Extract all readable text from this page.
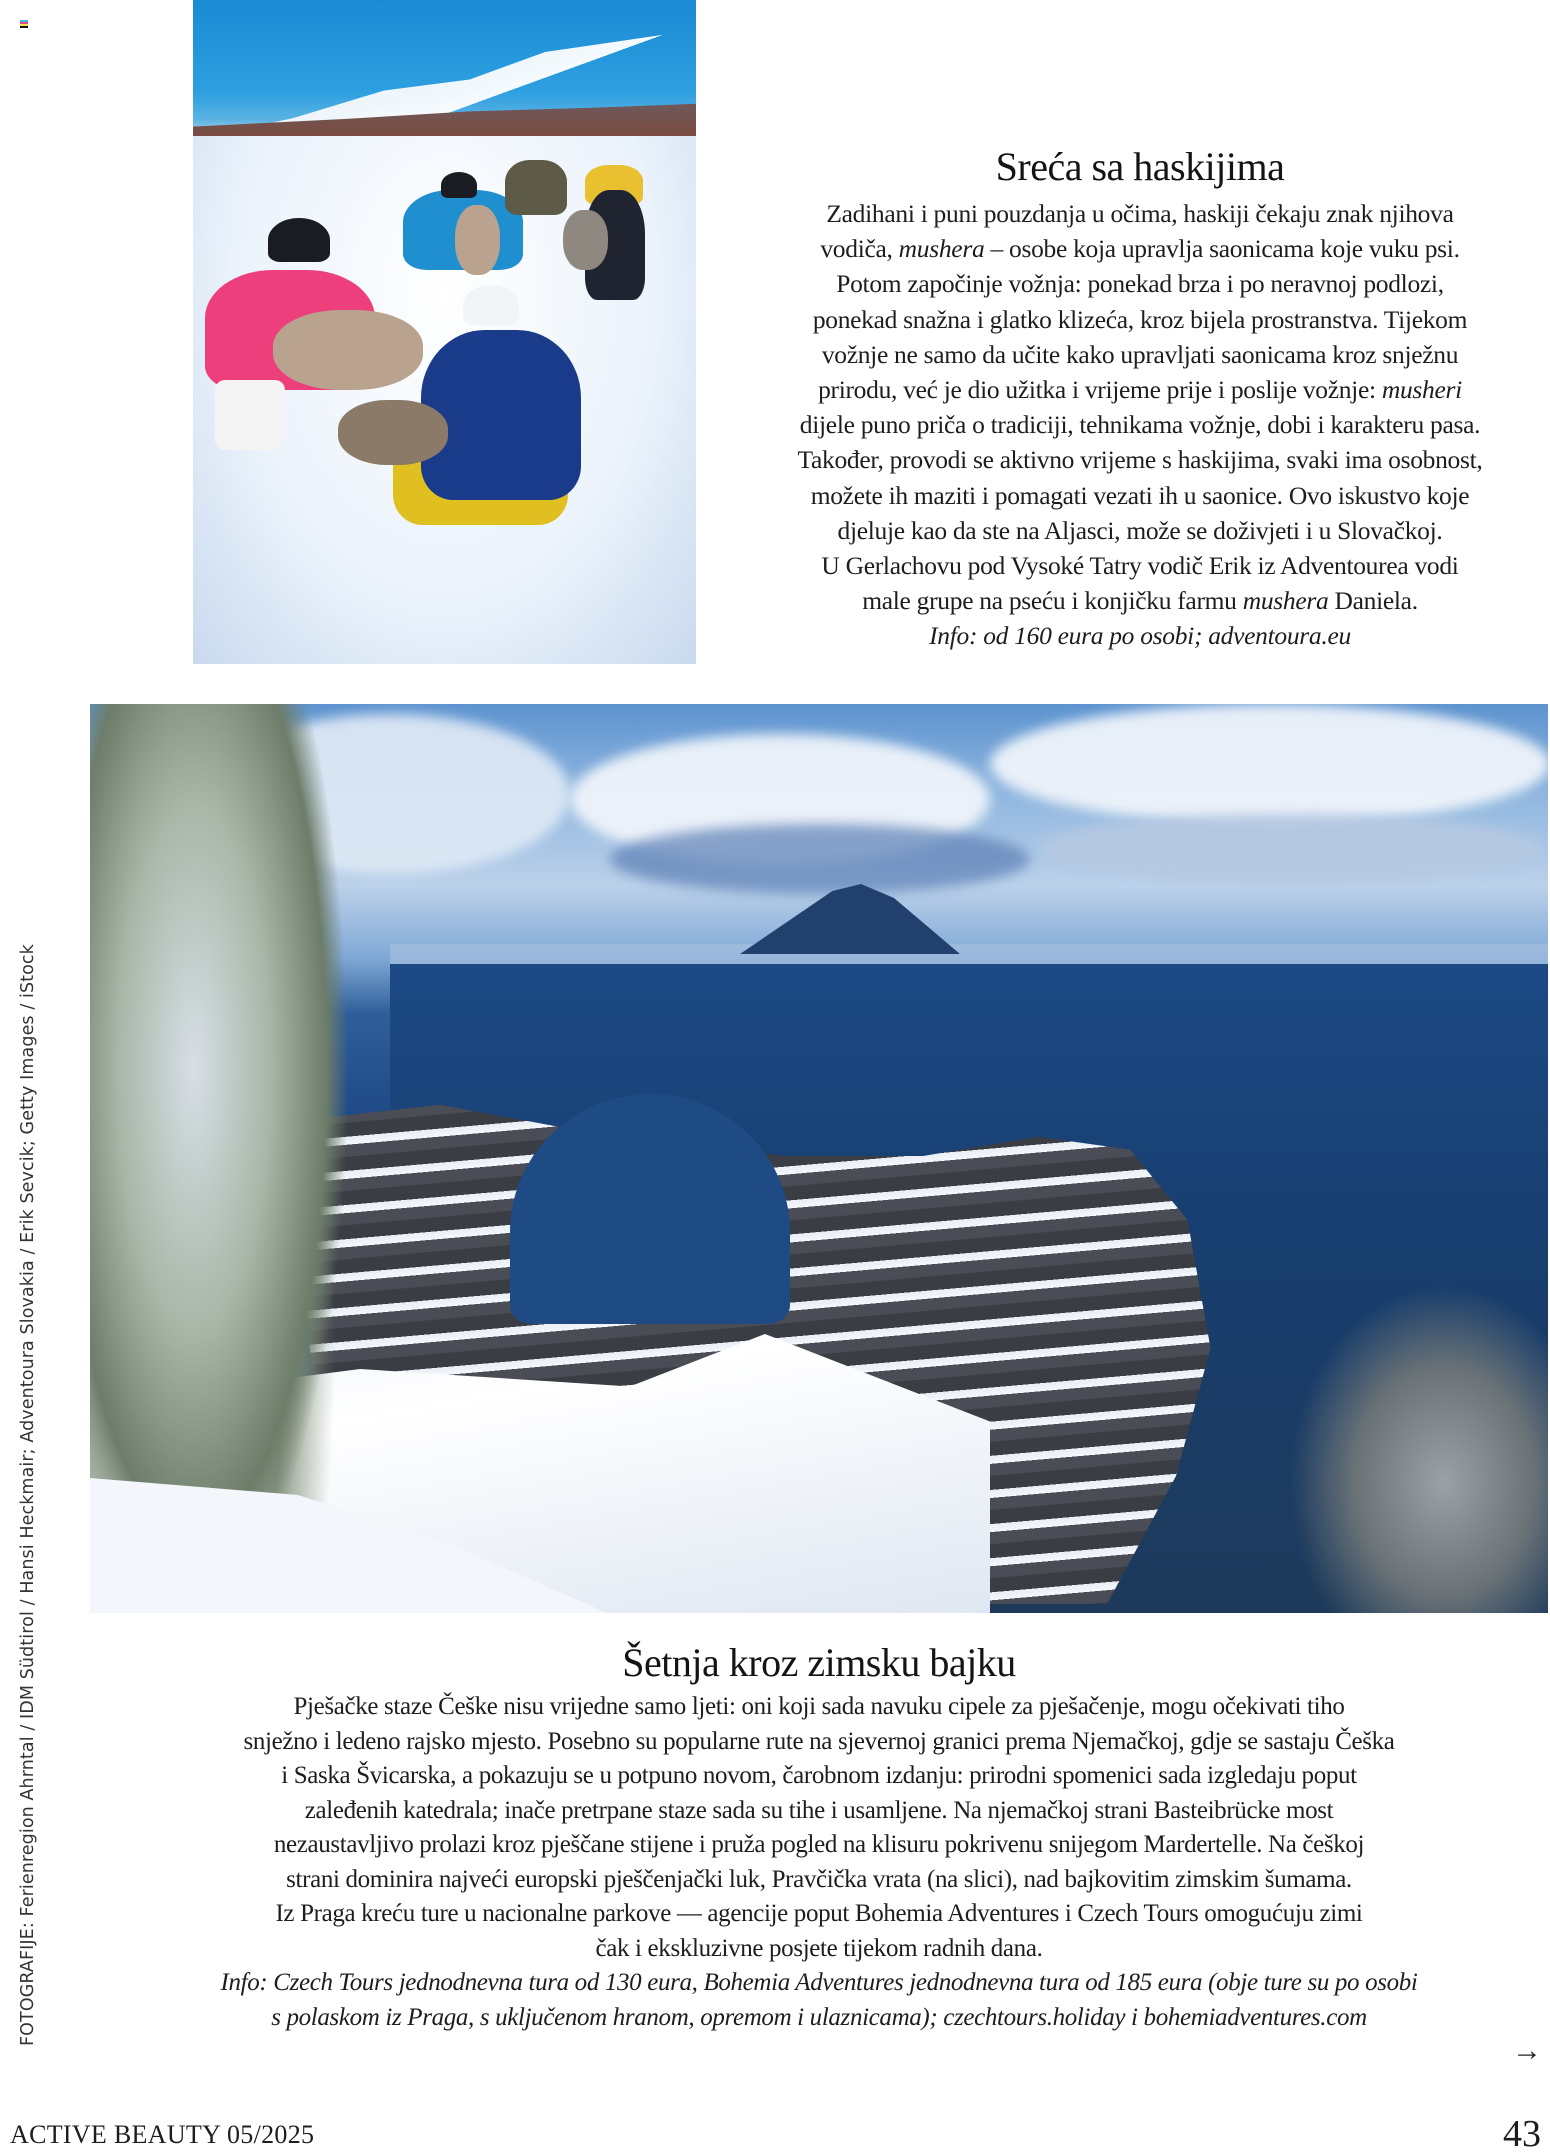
Sreća sa haskijima

Zadihani i puni pouzdanja u očima, haskiji čekaju znak njihova

vodiča, mushera – osobe koja upravlja saonicama koje vuku psi.

Potom započinje vožnja: ponekad brza i po neravnoj podlozi,

ponekad snažna i glatko klizeća, kroz bijela prostranstva. Tijekom

vožnje ne samo da učite kako upravljati saonicama kroz snježnu

prirodu, već je dio užitka i vrijeme prije i poslije vožnje: musheri

dijele puno priča o tradiciji, tehnikama vožnje, dobi i karakteru pasa.

Također, provodi se aktivno vrijeme s haskijima, svaki ima osobnost,

možete ih maziti i pomagati vezati ih u saonice. Ovo iskustvo koje

djeluje kao da ste na Aljasci, može se doživjeti i u Slovačkoj.

U Gerlachovu pod Vysoké Tatry vodič Erik iz Adventourea vodi

male grupe na pseću i konjičku farmu mushera Daniela.

Info: od 160 eura po osobi; adventoura.eu

Šetnja kroz zimsku bajku

Pješačke staze Češke nisu vrijedne samo ljeti: oni koji sada navuku cipele za pješačenje, mogu očekivati tiho

snježno i ledeno rajsko mjesto. Posebno su popularne rute na sjevernoj granici prema Njemačkoj, gdje se sastaju Češka

i Saska Švicarska, a pokazuju se u potpuno novom, čarobnom izdanju: prirodni spomenici sada izgledaju poput

zaleđenih katedrala; inače pretrpane staze sada su tihe i usamljene. Na njemačkoj strani Basteibrücke most

nezaustavljivo prolazi kroz pješčane stijene i pruža pogled na klisuru pokrivenu snijegom Mardertelle. Na češkoj

strani dominira najveći europski pješčenjački luk, Pravčička vrata (na slici), nad bajkovitim zimskim šumama.

Iz Praga kreću ture u nacionalne parkove — agencije poput Bohemia Adventures i Czech Tours omogućuju zimi

čak i ekskluzivne posjete tijekom radnih dana.

Info: Czech Tours jednodnevna tura od 130 eura, Bohemia Adventures jednodnevna tura od 185 eura (obje ture su po osobi

s polaskom iz Praga, s uključenom hranom, opremom i ulaznicama); czechtours.holiday i bohemiadventures.com

→
ACTIVE BEAUTY 05/2025	43
FOTOGRAFIJE: Ferienregion Ahrntal / IDM Südtirol / Hansi Heckmair; Adventoura Slovakia / Erik Sevcik; Getty Images / iStock
